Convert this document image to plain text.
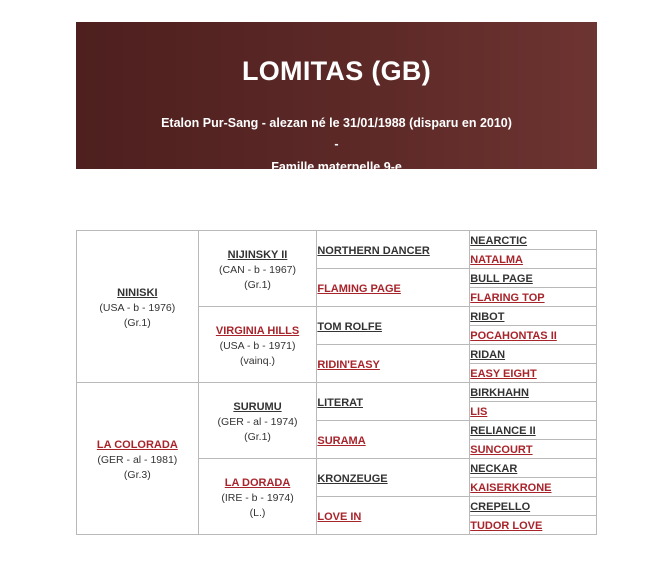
LOMITAS (GB)
Etalon Pur-Sang - alezan né le 31/01/1988 (disparu en 2010)
-
Famille maternelle 9-e
NINISKI
(USA - b - 1976)
(Gr.1)	NIJINSKY II
(CAN - b - 1967)
(Gr.1)	NORTHERN DANCER	NEARCTIC
			NATALMA
		FLAMING PAGE	BULL PAGE
			FLARING TOP
	VIRGINIA HILLS
(USA - b - 1971)
(vainq.)	TOM ROLFE	RIBOT
			POCAHONTAS II
		RIDIN'EASY	RIDAN
			EASY EIGHT
LA COLORADA
(GER - al - 1981)
(Gr.3)	SURUMU
(GER - al - 1974)
(Gr.1)	LITERAT	BIRKHAHN
			LIS
		SURAMA	RELIANCE II
			SUNCOURT
	LA DORADA
(IRE - b - 1974)
(L.)	KRONZEUGE	NECKAR
			KAISERKRONE
		LOVE IN	CREPELLO
			TUDOR LOVE
